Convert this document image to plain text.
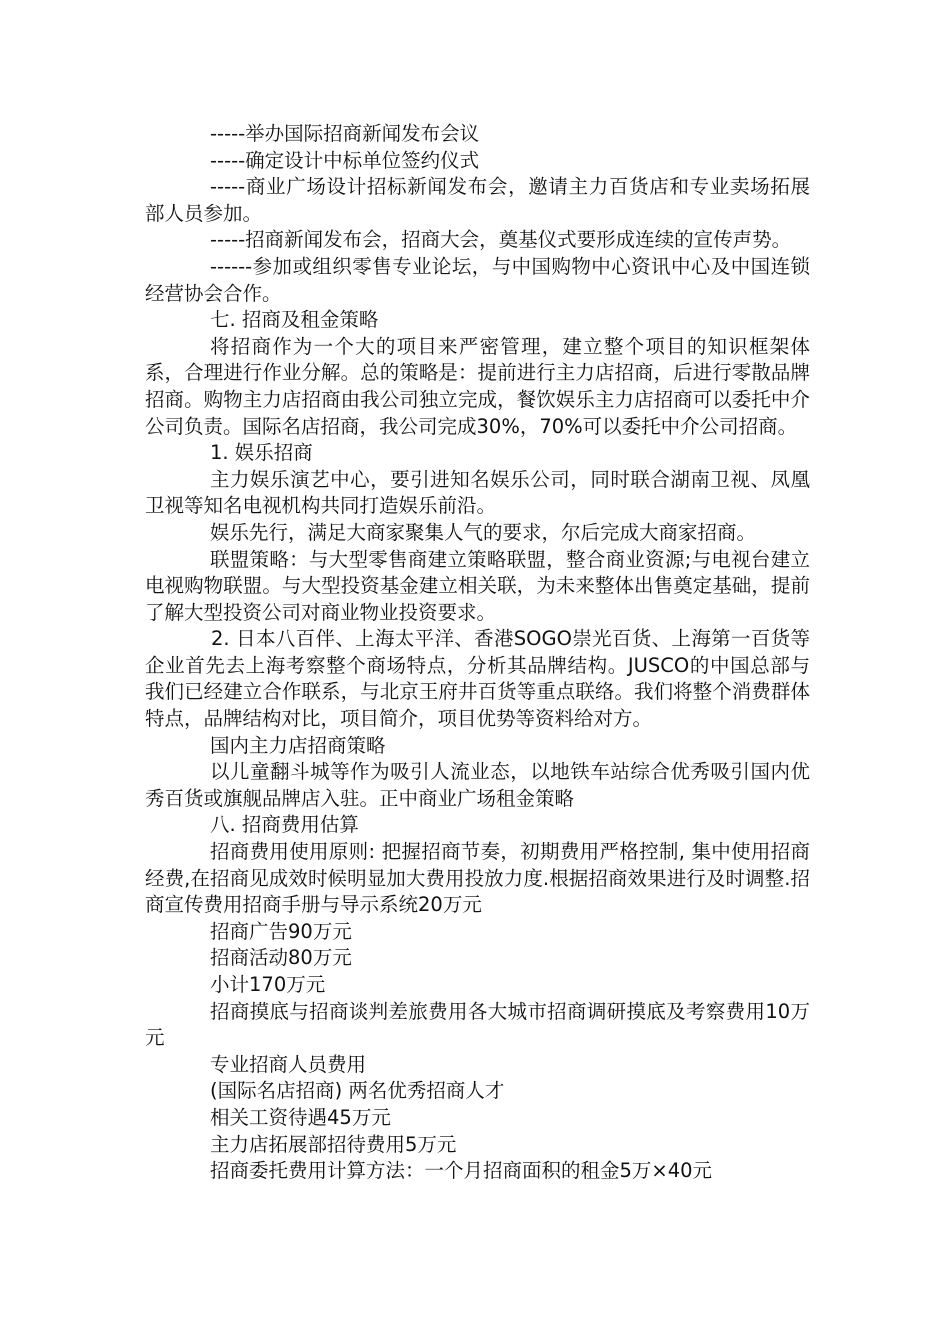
-----举办国际招商新闻发布会议

-----确定设计中标单位签约仪式

-----商业广场设计招标新闻发布会，邀请主力百货店和专业卖场拓展部人员参加。

-----招商新闻发布会，招商大会，奠基仪式要形成连续的宣传声势。

------参加或组织零售专业论坛，与中国购物中心资讯中心及中国连锁经营协会合作。

七. 招商及租金策略

将招商作为一个大的项目来严密管理，建立整个项目的知识框架体系，合理进行作业分解。总的策略是：提前进行主力店招商，后进行零散品牌招商。购物主力店招商由我公司独立完成，餐饮娱乐主力店招商可以委托中介公司负责。国际名店招商，我公司完成30%，70%可以委托中介公司招商。

1. 娱乐招商

主力娱乐演艺中心，要引进知名娱乐公司，同时联合湖南卫视、凤凰卫视等知名电视机构共同打造娱乐前沿。

娱乐先行，满足大商家聚集人气的要求，尔后完成大商家招商。

联盟策略：与大型零售商建立策略联盟，整合商业资源;与电视台建立电视购物联盟。与大型投资基金建立相关联，为未来整体出售奠定基础，提前了解大型投资公司对商业物业投资要求。

2. 日本八百伴、上海太平洋、香港SOGO崇光百货、上海第一百货等企业首先去上海考察整个商场特点，分析其品牌结构。JUSCO的中国总部与我们已经建立合作联系，与北京王府井百货等重点联络。我们将整个消费群体特点，品牌结构对比，项目简介，项目优势等资料给对方。

国内主力店招商策略

以儿童翻斗城等作为吸引人流业态，以地铁车站综合优秀吸引国内优秀百货或旗舰品牌店入驻。正中商业广场租金策略

八. 招商费用估算

招商费用使用原则: 把握招商节奏，初期费用严格控制, 集中使用招商经费,在招商见成效时候明显加大费用投放力度.根据招商效果进行及时调整.招商宣传费用招商手册与导示系统20万元

招商广告90万元

招商活动80万元

小计170万元

招商摸底与招商谈判差旅费用各大城市招商调研摸底及考察费用10万元

专业招商人员费用

(国际名店招商) 两名优秀招商人才

相关工资待遇45万元

主力店拓展部招待费用5万元

招商委托费用计算方法：一个月招商面积的租金5万×40元
